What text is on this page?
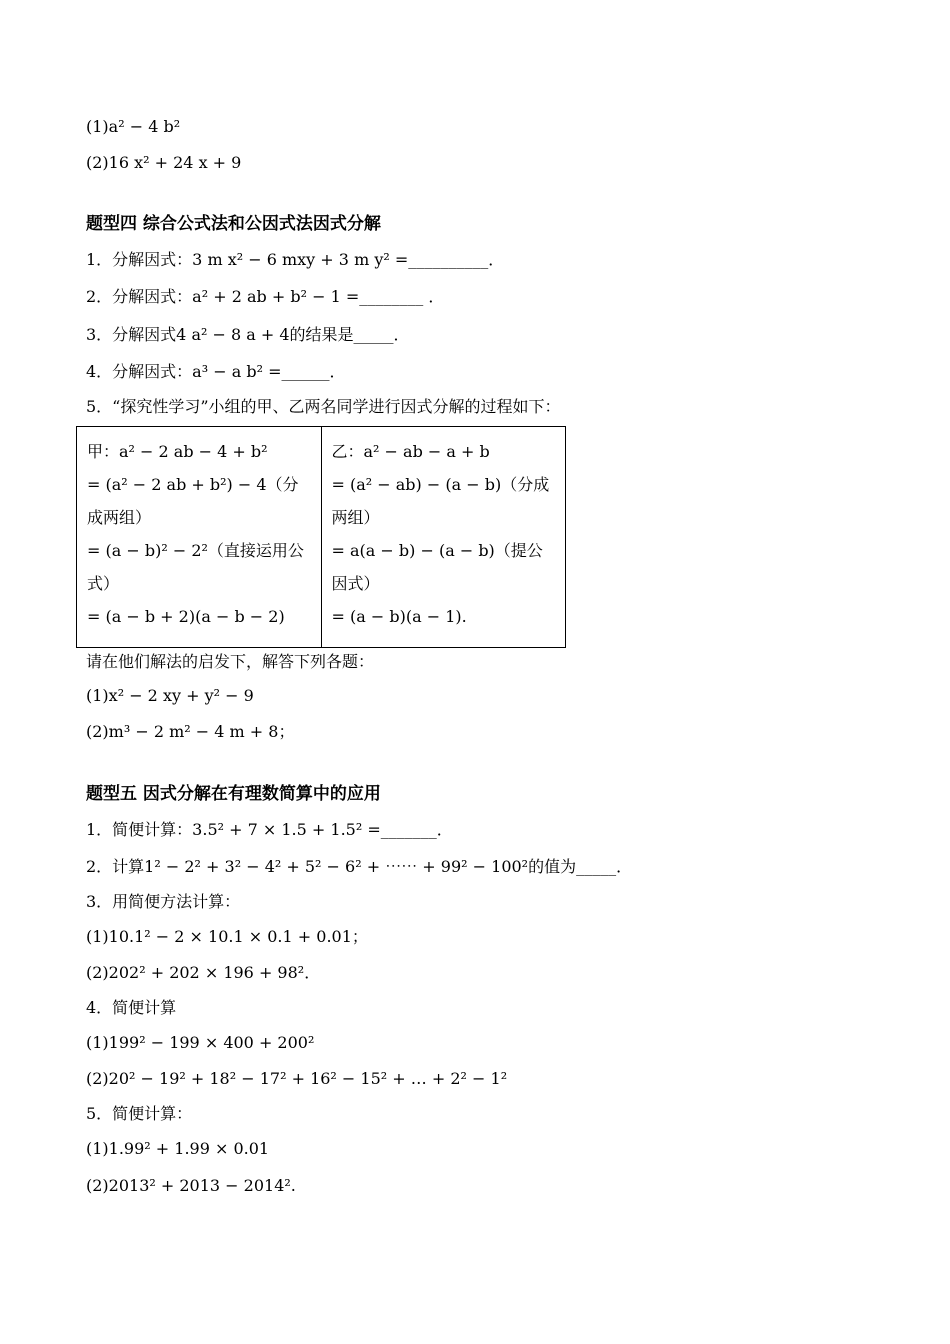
(1)a² − 4 b²
(2)16 x² + 24 x + 9
题型四 综合公式法和公因式法因式分解
1．分解因式：3 m x² − 6 mxy + 3 m y² =__________．
2．分解因式：a² + 2 ab + b² − 1 =________ ．
3．分解因式4 a² − 8 a + 4的结果是_____．
4．分解因式：a³ − a b² =______．
5．“探究性学习”小组的甲、乙两名同学进行因式分解的过程如下：
甲：a² − 2 ab − 4 + b²
= (a² − 2 ab + b²) − 4（分成两组）
= (a − b)² − 2²（直接运用公式）
= (a − b + 2)(a − b − 2)

乙：a² − ab − a + b
= (a² − ab) − (a − b)（分成两组）
= a(a − b) − (a − b)（提公因式）
= (a − b)(a − 1).
请在他们解法的启发下，解答下列各题：
(1)x² − 2 xy + y² − 9
(2)m³ − 2 m² − 4 m + 8；
题型五 因式分解在有理数简算中的应用
1．简便计算：3.5² + 7 × 1.5 + 1.5² =_______．
2．计算1² − 2² + 3² − 4² + 5² − 6² + ⋯⋯ + 99² − 100²的值为_____．
3．用简便方法计算：
(1)10.1² − 2 × 10.1 × 0.1 + 0.01；
(2)202² + 202 × 196 + 98²．
4．简便计算
(1)199² − 199 × 400 + 200²
(2)20² − 19² + 18² − 17² + 16² − 15² + … + 2² − 1²
5．简便计算：
(1)1.99² + 1.99 × 0.01
(2)2013² + 2013 − 2014².
